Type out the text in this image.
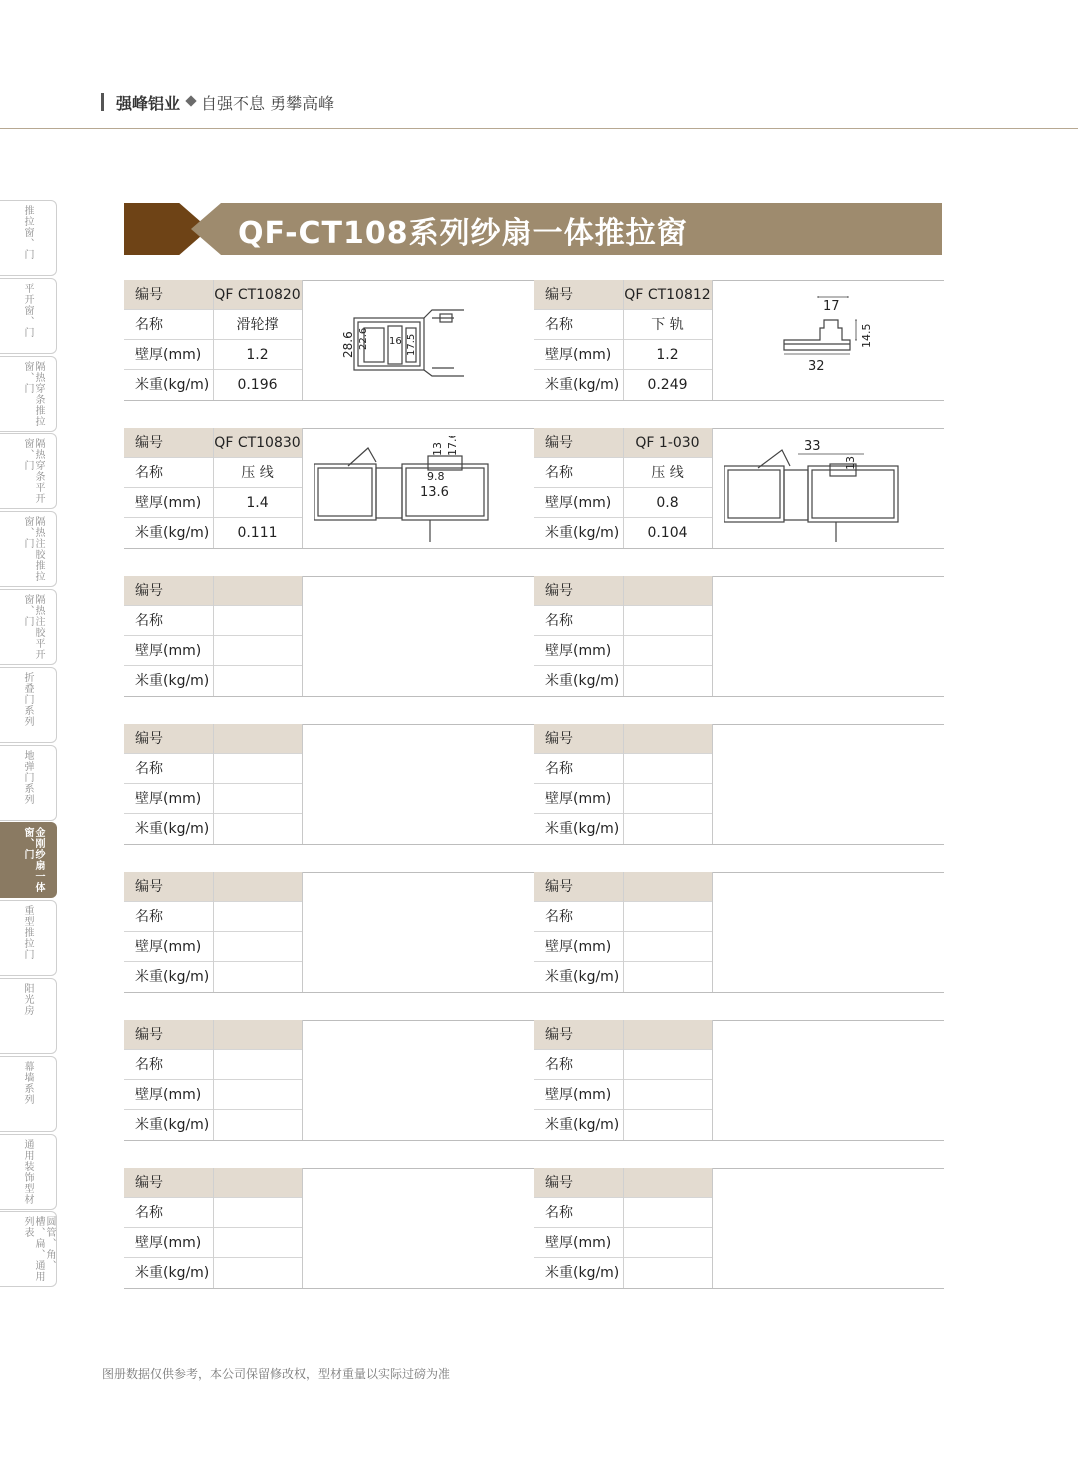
强峰铝业 自强不息 勇攀高峰
推拉窗、门
平开窗、门
隔热穿条推拉窗、门
隔热穿条平开窗、门
隔热注胶推拉窗、门
隔热注胶平开窗、门
折叠门系列
地弹门系列
金刚纱扇一体窗、门
重型推拉门
阳光房
幕墙系列
通用装饰型材
圆管、角、槽、扁、通用列表
QF-CT108系列纱扇一体推拉窗
编号	QF CT10820
名称	滑轮撑
壁厚(mm)	1.2
米重(kg/m)	0.196
28.6 22.6 16 17.5
编号	QF CT10812
名称	下 轨
壁厚(mm)	1.2
米重(kg/m)	0.249
17
14.5
32
编号	QF CT10830
名称	压 线
壁厚(mm)	1.4
米重(kg/m)	0.111
13 17.6
9.8
13.6
编号	QF 1-030
名称	压 线
壁厚(mm)	0.8
米重(kg/m)	0.104
33
13
编号
名称
壁厚(mm)
米重(kg/m)
编号
名称
壁厚(mm)
米重(kg/m)
编号
名称
壁厚(mm)
米重(kg/m)
编号
名称
壁厚(mm)
米重(kg/m)
编号
名称
壁厚(mm)
米重(kg/m)
编号
名称
壁厚(mm)
米重(kg/m)
编号
名称
壁厚(mm)
米重(kg/m)
编号
名称
壁厚(mm)
米重(kg/m)
编号
名称
壁厚(mm)
米重(kg/m)
编号
名称
壁厚(mm)
米重(kg/m)
图册数据仅供参考，本公司保留修改权，型材重量以实际过磅为准
